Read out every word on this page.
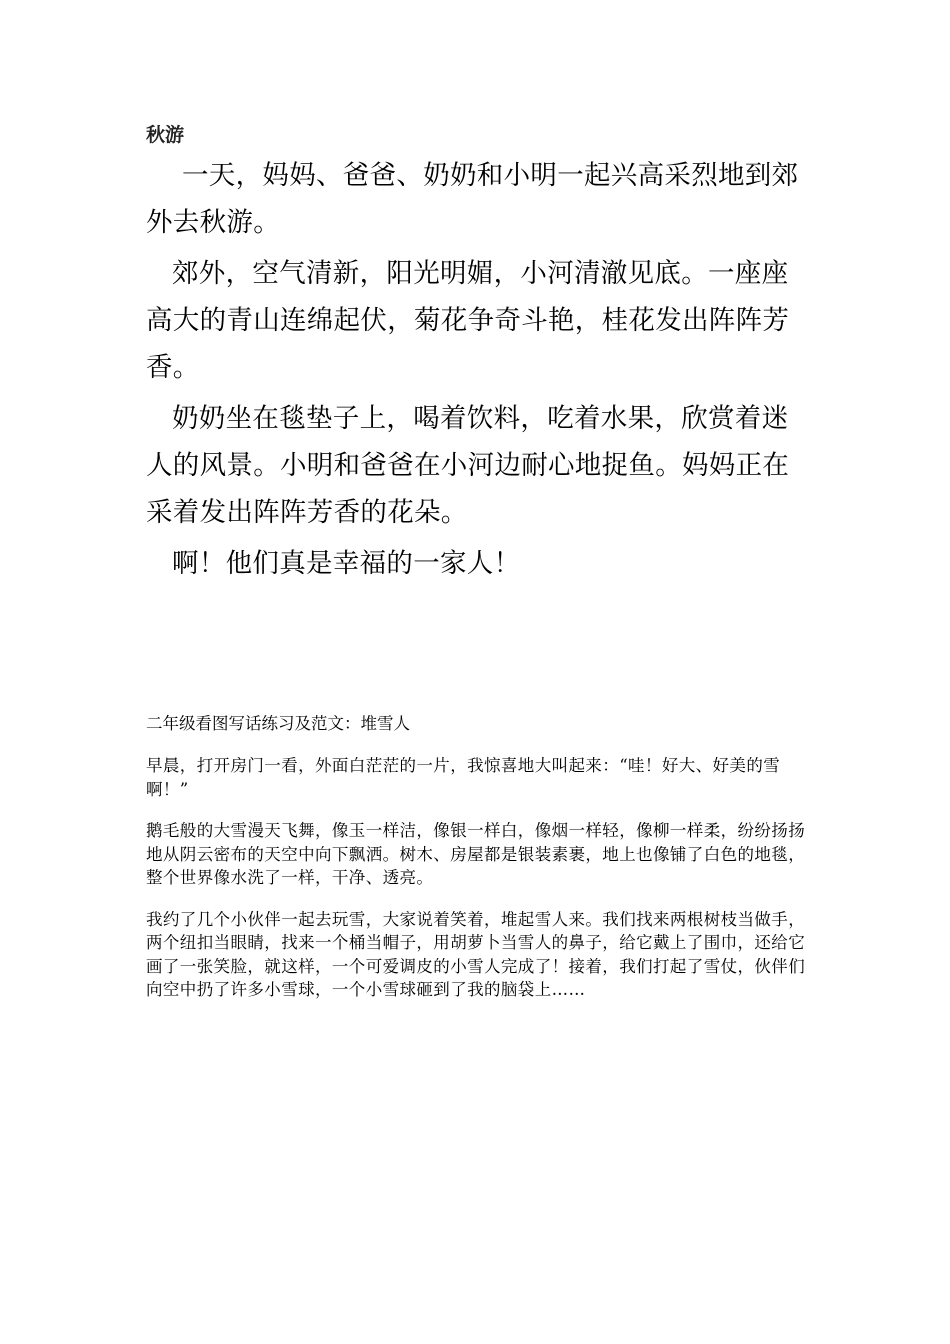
秋游

一天，妈妈、爸爸、奶奶和小明一起兴高采烈地到郊外去秋游。

郊外，空气清新，阳光明媚，小河清澈见底。一座座高大的青山连绵起伏，菊花争奇斗艳，桂花发出阵阵芳香。

奶奶坐在毯垫子上，喝着饮料，吃着水果，欣赏着迷人的风景。小明和爸爸在小河边耐心地捉鱼。妈妈正在采着发出阵阵芳香的花朵。

啊！他们真是幸福的一家人！

二年级看图写话练习及范文：堆雪人

早晨，打开房门一看，外面白茫茫的一片，我惊喜地大叫起来：“哇！好大、好美的雪啊！”

鹅毛般的大雪漫天飞舞，像玉一样洁，像银一样白，像烟一样轻，像柳一样柔，纷纷扬扬地从阴云密布的天空中向下飘洒。树木、房屋都是银装素裹，地上也像铺了白色的地毯，整个世界像水洗了一样，干净、透亮。

我约了几个小伙伴一起去玩雪，大家说着笑着，堆起雪人来。我们找来两根树枝当做手，两个纽扣当眼睛，找来一个桶当帽子，用胡萝卜当雪人的鼻子，给它戴上了围巾，还给它画了一张笑脸，就这样，一个可爱调皮的小雪人完成了！接着，我们打起了雪仗，伙伴们向空中扔了许多小雪球，一个小雪球砸到了我的脑袋上……
